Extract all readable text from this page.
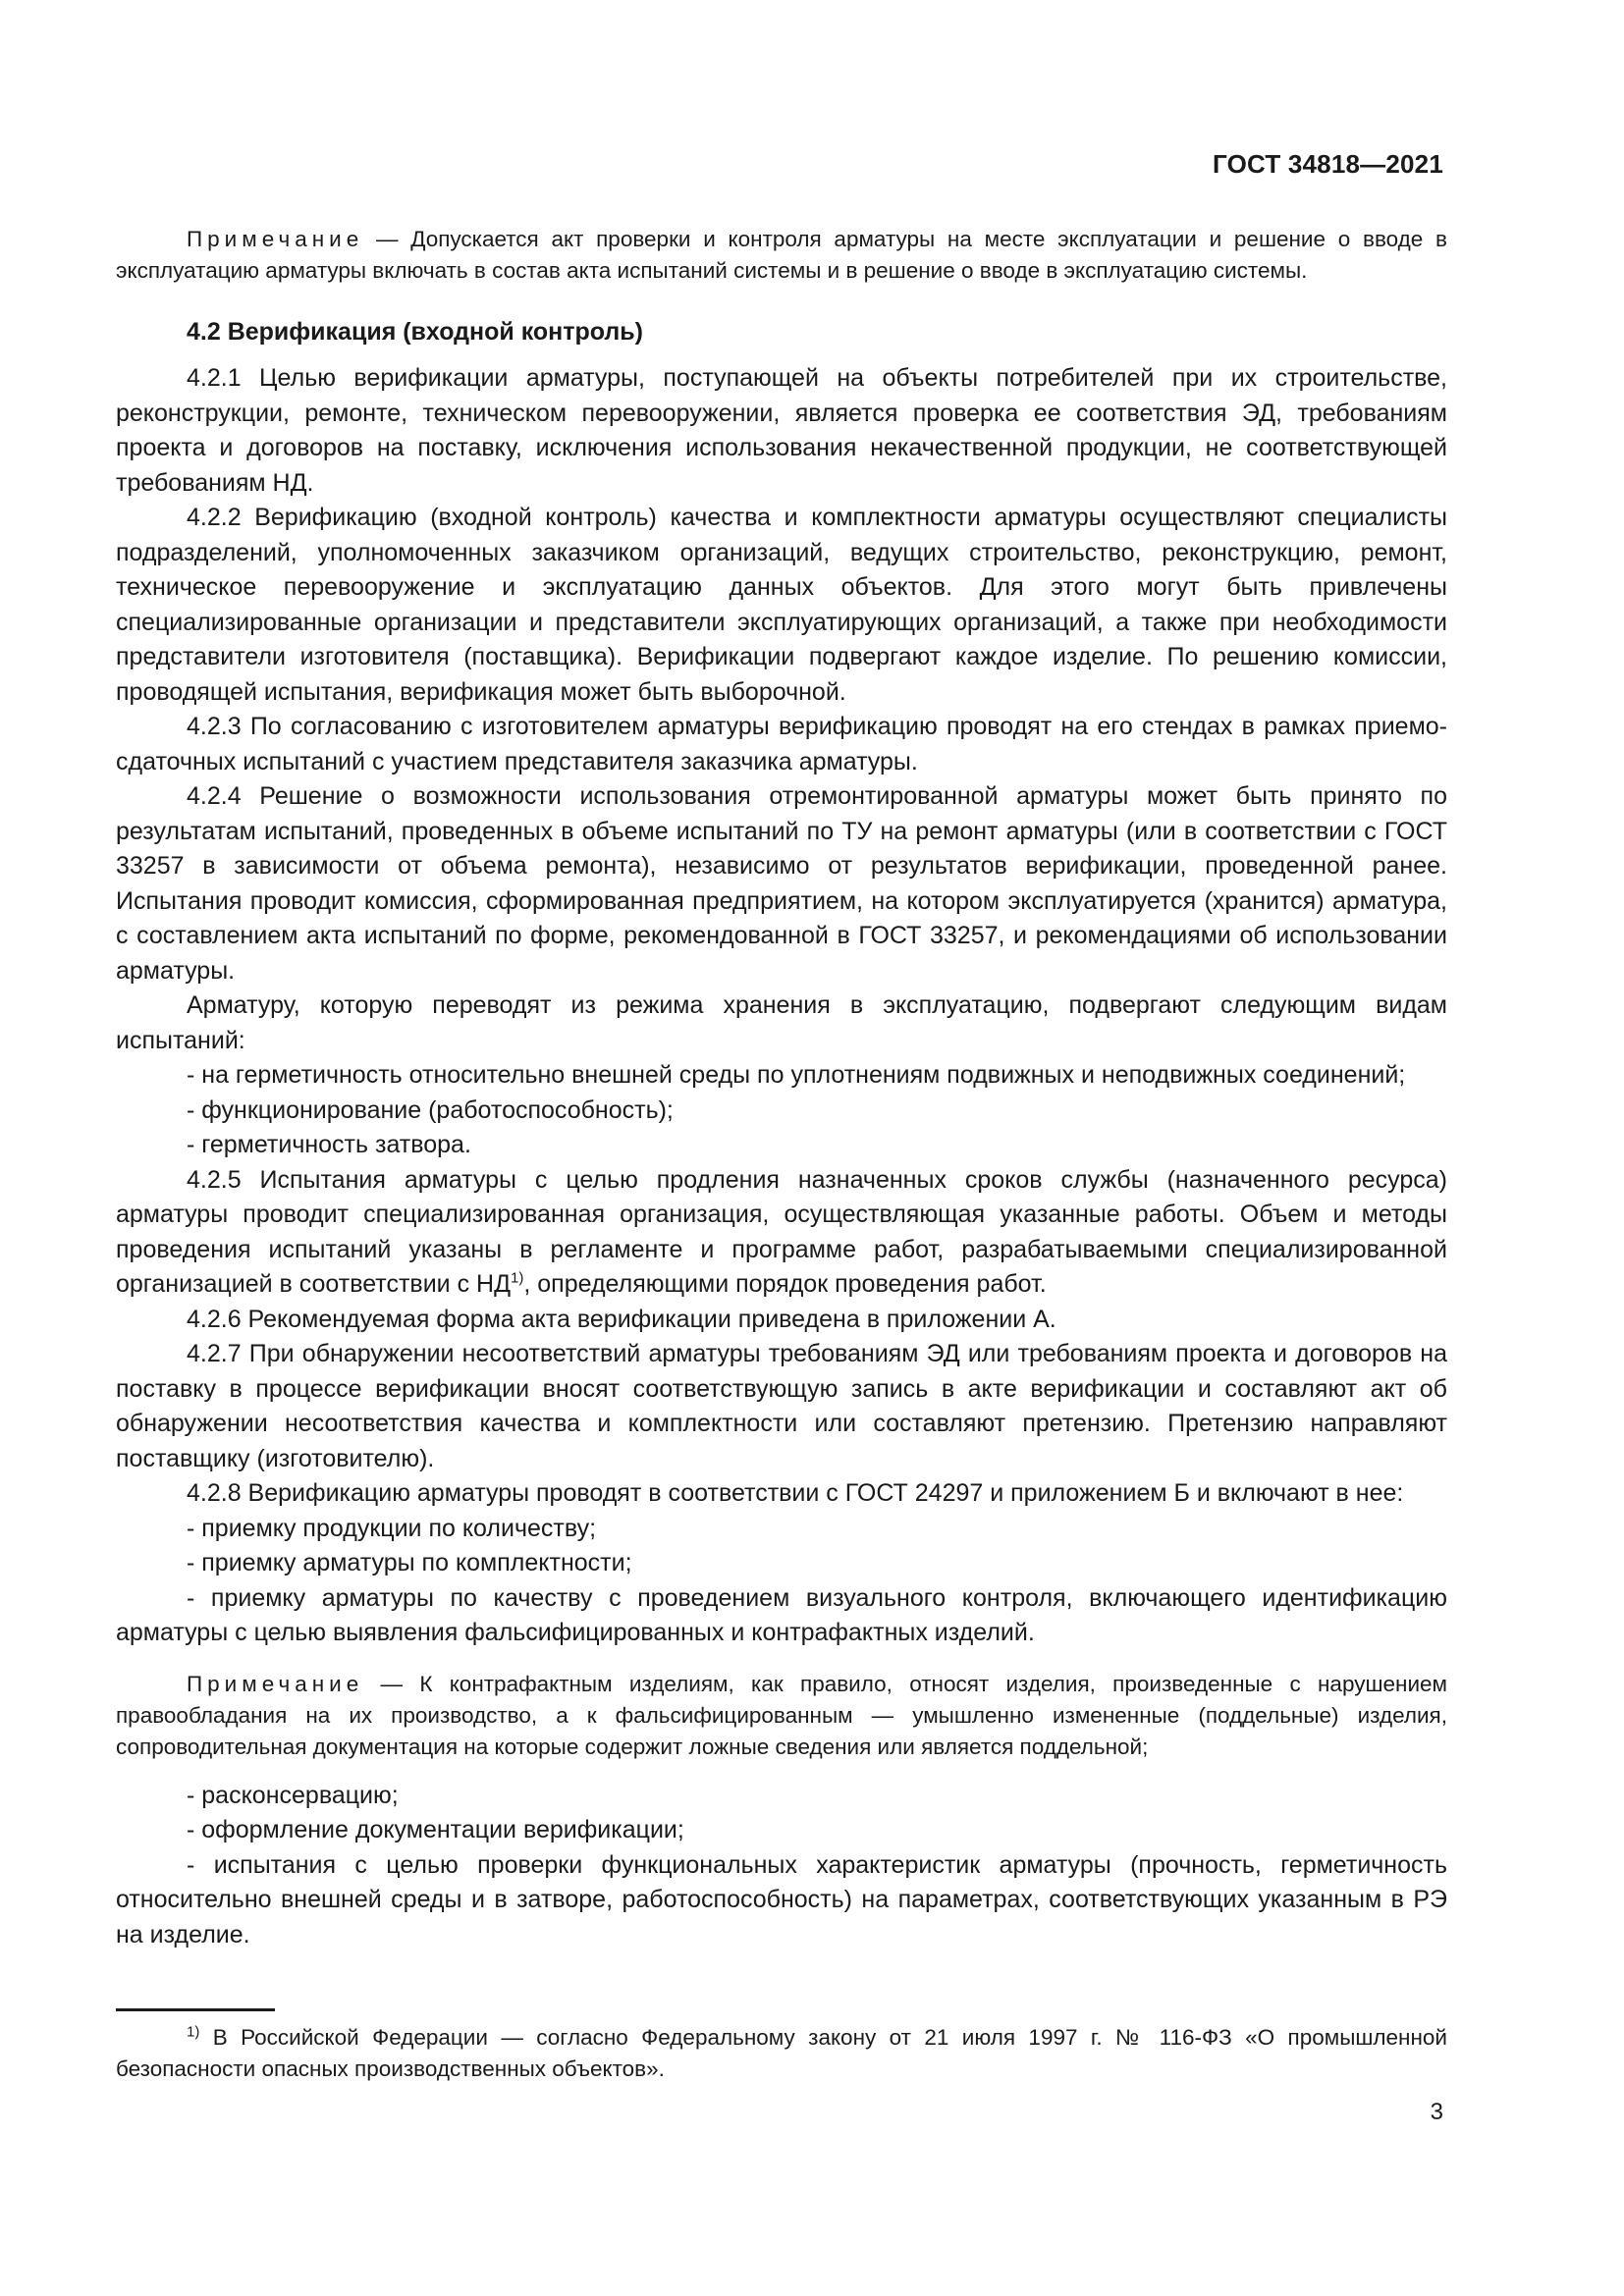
ГОСТ 34818—2021

Примечание — Допускается акт проверки и контроля арматуры на месте эксплуатации и решение о вводе в эксплуатацию арматуры включать в состав акта испытаний системы и в решение о вводе в эксплуатацию системы.

4.2 Верификация (входной контроль)

4.2.1 Целью верификации арматуры, поступающей на объекты потребителей при их строительстве, реконструкции, ремонте, техническом перевооружении, является проверка ее соответствия ЭД, требованиям проекта и договоров на поставку, исключения использования некачественной продукции, не соответствующей требованиям НД.

4.2.2 Верификацию (входной контроль) качества и комплектности арматуры осуществляют специалисты подразделений, уполномоченных заказчиком организаций, ведущих строительство, реконструкцию, ремонт, техническое перевооружение и эксплуатацию данных объектов. Для этого могут быть привлечены специализированные организации и представители эксплуатирующих организаций, а также при необходимости представители изготовителя (поставщика). Верификации подвергают каждое изделие. По решению комиссии, проводящей испытания, верификация может быть выборочной.

4.2.3 По согласованию с изготовителем арматуры верификацию проводят на его стендах в рамках приемо-сдаточных испытаний с участием представителя заказчика арматуры.

4.2.4 Решение о возможности использования отремонтированной арматуры может быть принято по результатам испытаний, проведенных в объеме испытаний по ТУ на ремонт арматуры (или в соответствии с ГОСТ 33257 в зависимости от объема ремонта), независимо от результатов верификации, проведенной ранее. Испытания проводит комиссия, сформированная предприятием, на котором эксплуатируется (хранится) арматура, с составлением акта испытаний по форме, рекомендованной в ГОСТ 33257, и рекомендациями об использовании арматуры.

Арматуру, которую переводят из режима хранения в эксплуатацию, подвергают следующим видам испытаний:

- на герметичность относительно внешней среды по уплотнениям подвижных и неподвижных соединений;

- функционирование (работоспособность);

- герметичность затвора.

4.2.5 Испытания арматуры с целью продления назначенных сроков службы (назначенного ресурса) арматуры проводит специализированная организация, осуществляющая указанные работы. Объем и методы проведения испытаний указаны в регламенте и программе работ, разрабатываемыми специализированной организацией в соответствии с НД$^{1)}$, определяющими порядок проведения работ.

4.2.6 Рекомендуемая форма акта верификации приведена в приложении А.

4.2.7 При обнаружении несоответствий арматуры требованиям ЭД или требованиям проекта и договоров на поставку в процессе верификации вносят соответствующую запись в акте верификации и составляют акт об обнаружении несоответствия качества и комплектности или составляют претензию. Претензию направляют поставщику (изготовителю).

4.2.8 Верификацию арматуры проводят в соответствии с ГОСТ 24297 и приложением Б и включают в нее:

- приемку продукции по количеству;

- приемку арматуры по комплектности;

- приемку арматуры по качеству с проведением визуального контроля, включающего идентификацию арматуры с целью выявления фальсифицированных и контрафактных изделий.

Примечание — К контрафактным изделиям, как правило, относят изделия, произведенные с нарушением правообладания на их производство, а к фальсифицированным — умышленно измененные (поддельные) изделия, сопроводительная документация на которые содержит ложные сведения или является поддельной;

- расконсервацию;

- оформление документации верификации;

- испытания с целью проверки функциональных характеристик арматуры (прочность, герметичность относительно внешней среды и в затворе, работоспособность) на параметрах, соответствующих указанным в РЭ на изделие.

$^{1)}$ В Российской Федерации — согласно Федеральному закону от 21 июля 1997 г. № 116-ФЗ «О промышленной безопасности опасных производственных объектов».

3
